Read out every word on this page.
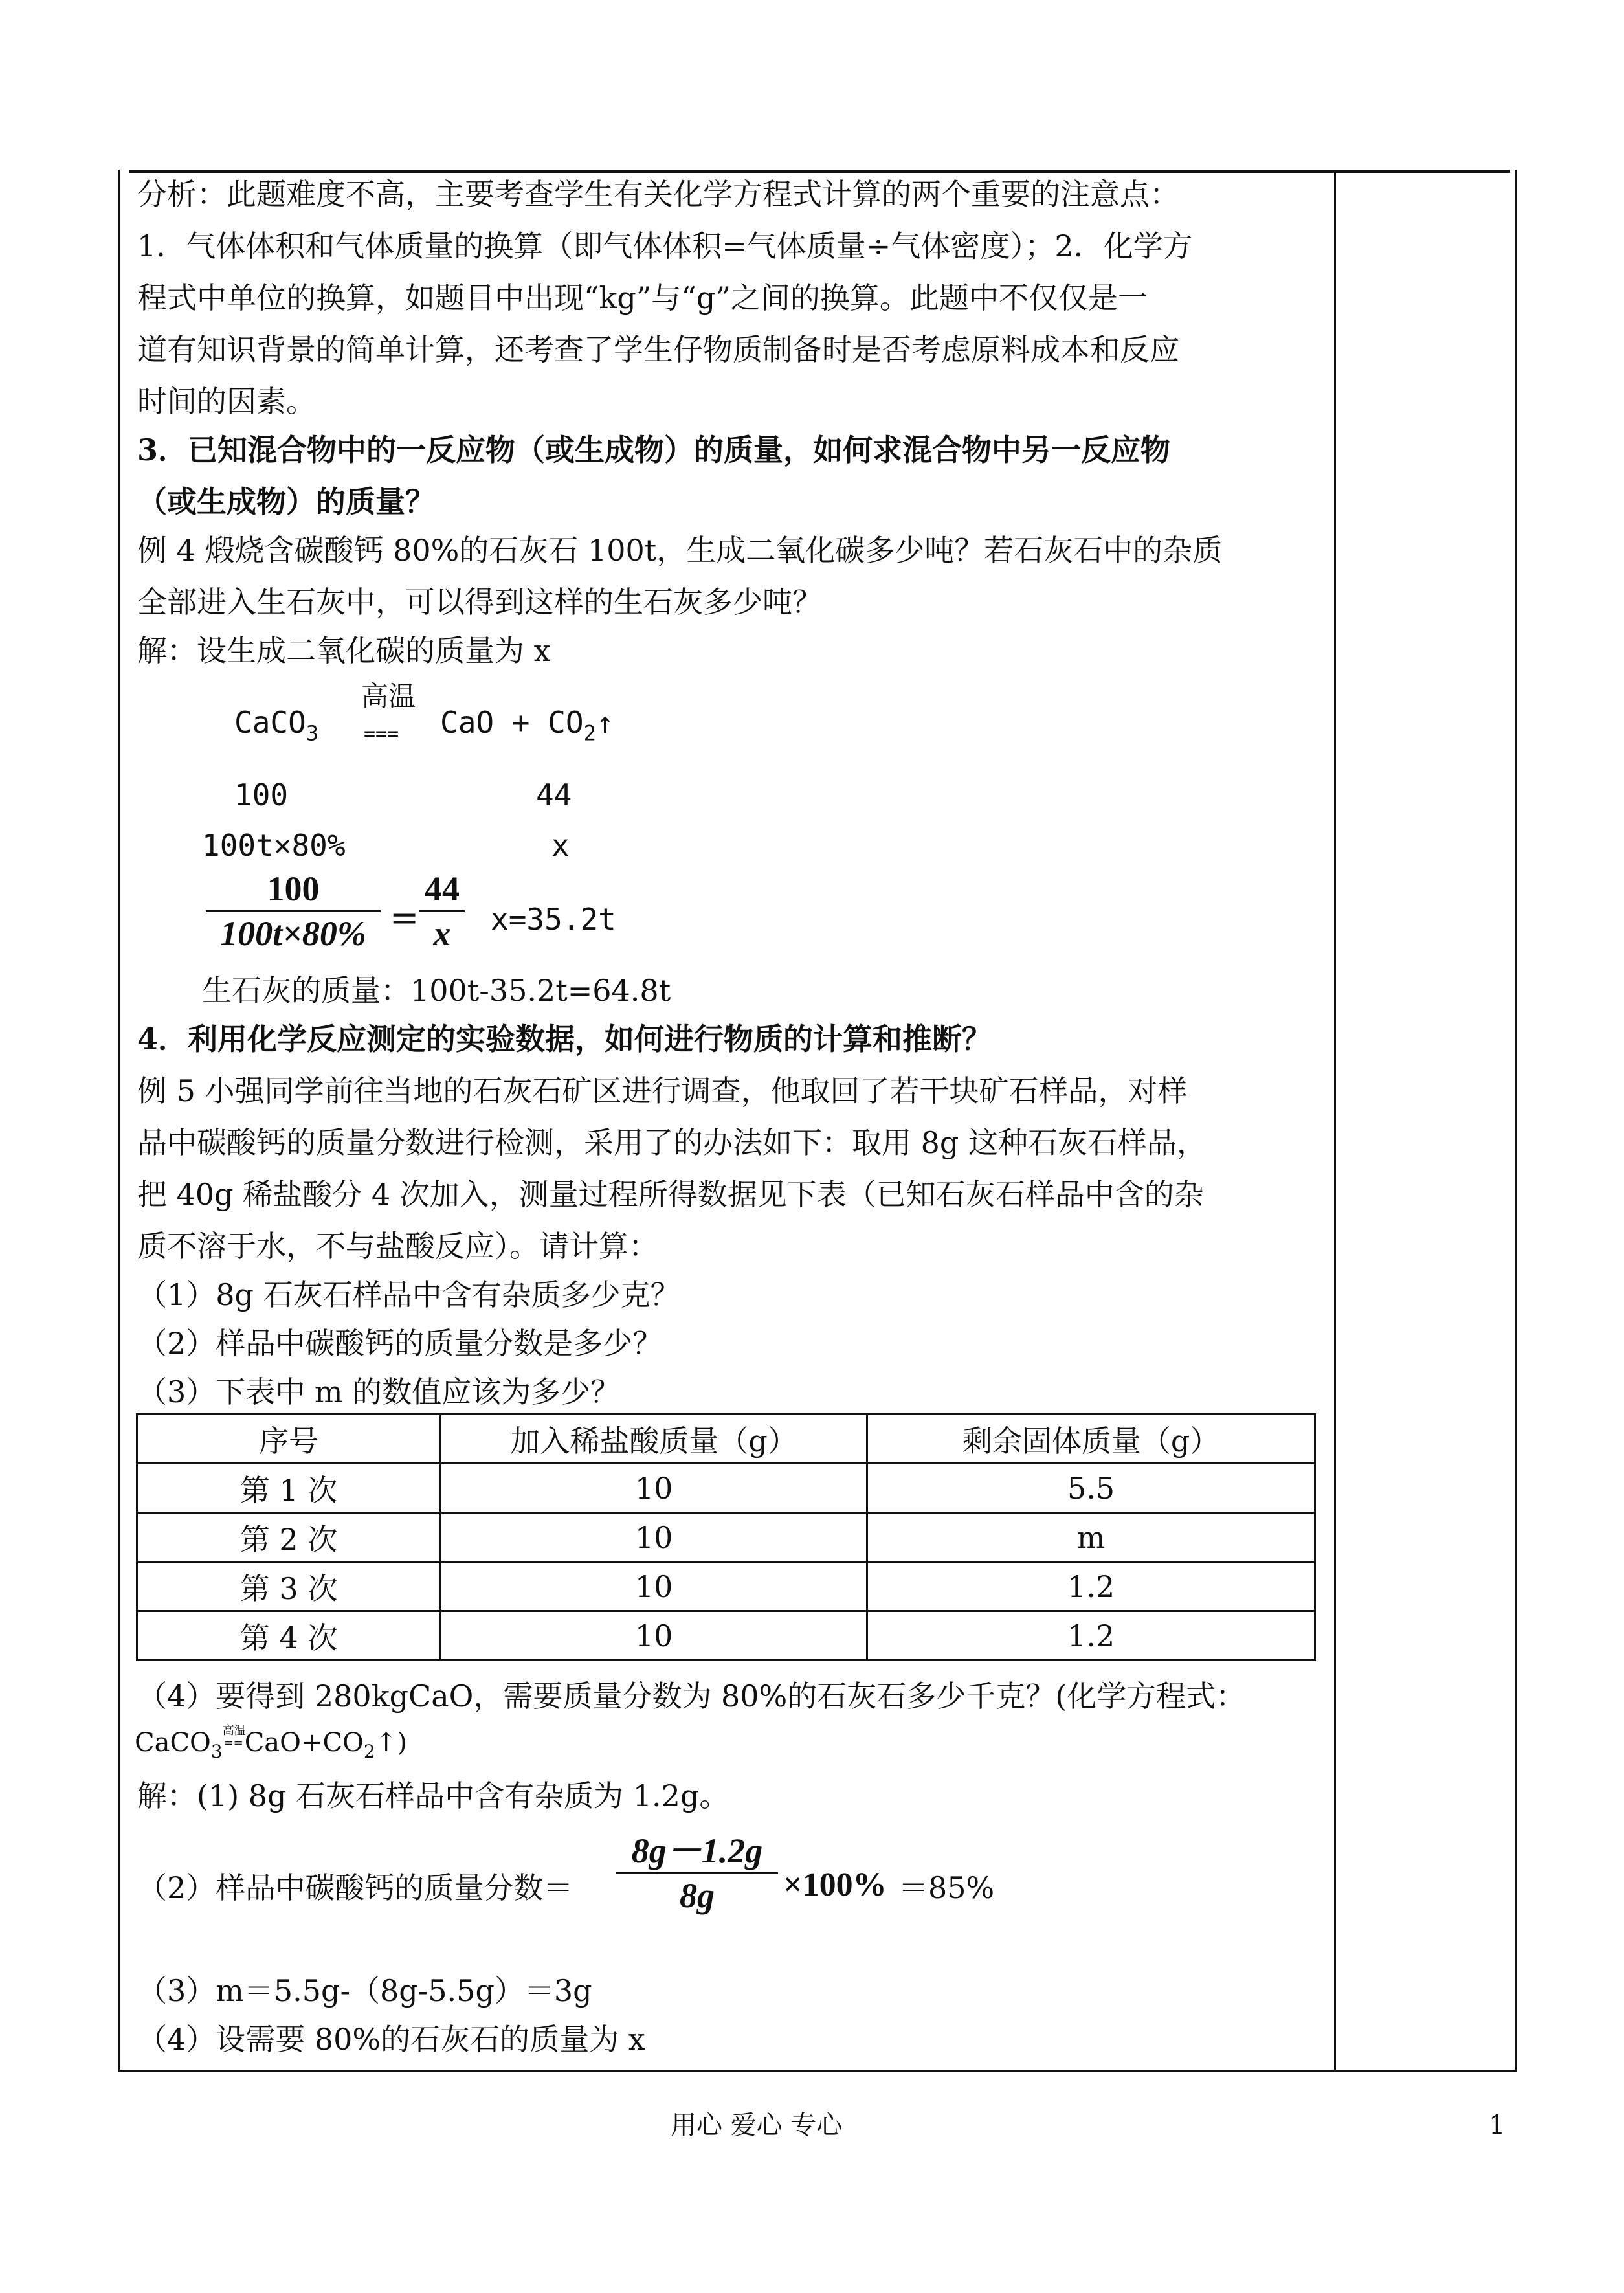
分析：此题难度不高，主要考查学生有关化学方程式计算的两个重要的注意点：
1．气体体积和气体质量的换算（即气体体积=气体质量÷气体密度）；2．化学方
程式中单位的换算，如题目中出现“kg”与“g”之间的换算。此题中不仅仅是一
道有知识背景的简单计算，还考查了学生仔物质制备时是否考虑原料成本和反应
时间的因素。
3．已知混合物中的一反应物（或生成物）的质量，如何求混合物中另一反应物
（或生成物）的质量？
例 4 煅烧含碳酸钙 80%的石灰石 100t，生成二氧化碳多少吨？若石灰石中的杂质
全部进入生石灰中，可以得到这样的生石灰多少吨？
解：设生成二氧化碳的质量为 x
CaCO$_3$
高温
=== CaO + $CO_2↑$
100	44
100t×80%	x
100
100t×80% =
44
x	x=35.2t
生石灰的质量：100t-35.2t=64.8t
4．利用化学反应测定的实验数据，如何进行物质的计算和推断？
例 5 小强同学前往当地的石灰石矿区进行调查，他取回了若干块矿石样品，对样
品中碳酸钙的质量分数进行检测，采用了的办法如下：取用 8g 这种石灰石样品，
把 40g 稀盐酸分 4 次加入，测量过程所得数据见下表（已知石灰石样品中含的杂
质不溶于水，不与盐酸反应）。请计算：
（1）8g 石灰石样品中含有杂质多少克？
（2）样品中碳酸钙的质量分数是多少？
（3）下表中 m 的数值应该为多少？
序号	加入稀盐酸质量（g）	剩余固体质量（g）
第 1 次	10	5.5
第 2 次	10	m
第 3 次	10	1.2
第 4 次	10	1.2
（4）要得到 280kgCaO，需要质量分数为 80%的石灰石多少千克？(化学方程式：
CaCO$_3$
高温
== $CaO+CO_2↑$)
解：(1) 8g 石灰石样品中含有杂质为 1.2g。
（2）样品中碳酸钙的质量分数＝
8g－1.2g
8g	×100% ＝85%
（3）m＝5.5g-（8g-5.5g）＝3g
（4）设需要 80%的石灰石的质量为 x
用心 爱心 专心	1
